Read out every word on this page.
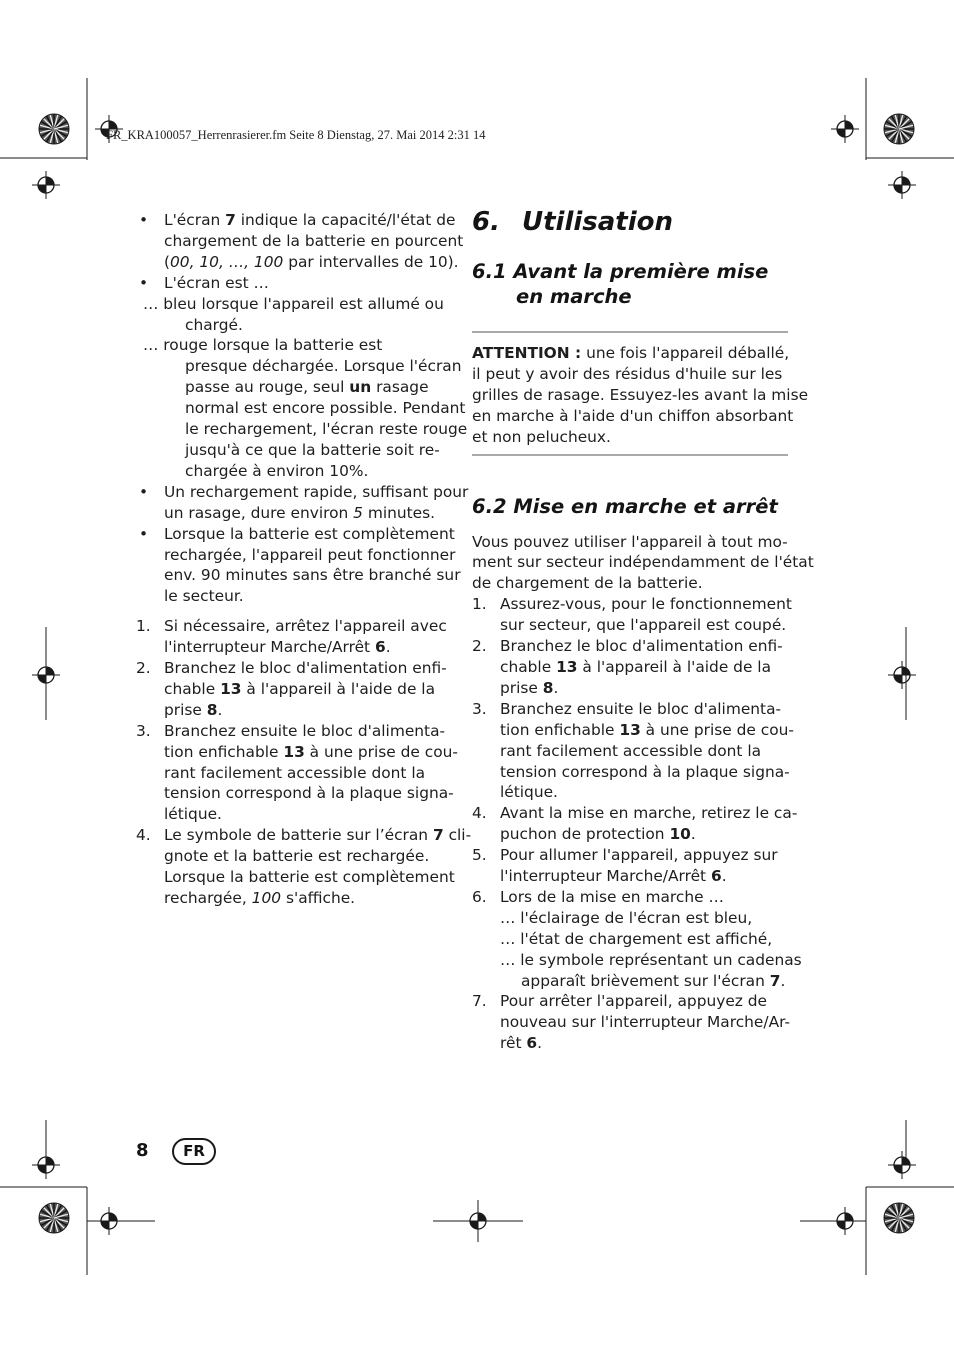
FR_KRA100057_Herrenrasierer.fm Seite 8 Dienstag, 27. Mai 2014 2:31 14
•	L'écran 7 indique la capacité/l'état de
chargement de la batterie en pourcent
(00, 10, …, 100 par intervalles de 10).
•	L'écran est …
… bleu lorsque l'appareil est allumé ou
chargé.
… rouge lorsque la batterie est
presque déchargée. Lorsque l'écran
passe au rouge, seul un rasage
normal est encore possible. Pendant
le rechargement, l'écran reste rouge
jusqu'à ce que la batterie soit re-
chargée à environ 10%.
•	Un rechargement rapide, suffisant pour
un rasage, dure environ 5 minutes.
•	Lorsque la batterie est complètement
rechargée, l'appareil peut fonctionner
env. 90 minutes sans être branché sur
le secteur.
1. Si nécessaire, arrêtez l'appareil avec
l'interrupteur Marche/Arrêt 6.
2. Branchez le bloc d'alimentation enfi-
chable 13 à l'appareil à l'aide de la
prise 8.
3. Branchez ensuite le bloc d'alimenta-
tion enfichable 13 à une prise de cou-
rant facilement accessible dont la
tension correspond à la plaque signa-
létique.
4. Le symbole de batterie sur l’écran 7 cli-
gnote et la batterie est rechargée.
Lorsque la batterie est complètement
rechargée, 100 s'affiche.
6. Utilisation
6.1 Avant la première mise
en marche
ATTENTION : une fois l'appareil déballé,
il peut y avoir des résidus d'huile sur les
grilles de rasage. Essuyez-les avant la mise
en marche à l'aide d'un chiffon absorbant
et non pelucheux.
6.2 Mise en marche et arrêt
Vous pouvez utiliser l'appareil à tout mo-
ment sur secteur indépendamment de l'état
de chargement de la batterie.
1. Assurez-vous, pour le fonctionnement
sur secteur, que l'appareil est coupé.
2. Branchez le bloc d'alimentation enfi-
chable 13 à l'appareil à l'aide de la
prise 8.
3. Branchez ensuite le bloc d'alimenta-
tion enfichable 13 à une prise de cou-
rant facilement accessible dont la
tension correspond à la plaque signa-
létique.
4. Avant la mise en marche, retirez le ca-
puchon de protection 10.
5. Pour allumer l'appareil, appuyez sur
l'interrupteur Marche/Arrêt 6.
6. Lors de la mise en marche …
… l'éclairage de l'écran est bleu,
… l'état de chargement est affiché,
… le symbole représentant un cadenas
apparaît brièvement sur l'écran 7.
7. Pour arrêter l'appareil, appuyez de
nouveau sur l'interrupteur Marche/Ar-
rêt 6.
8	FR
